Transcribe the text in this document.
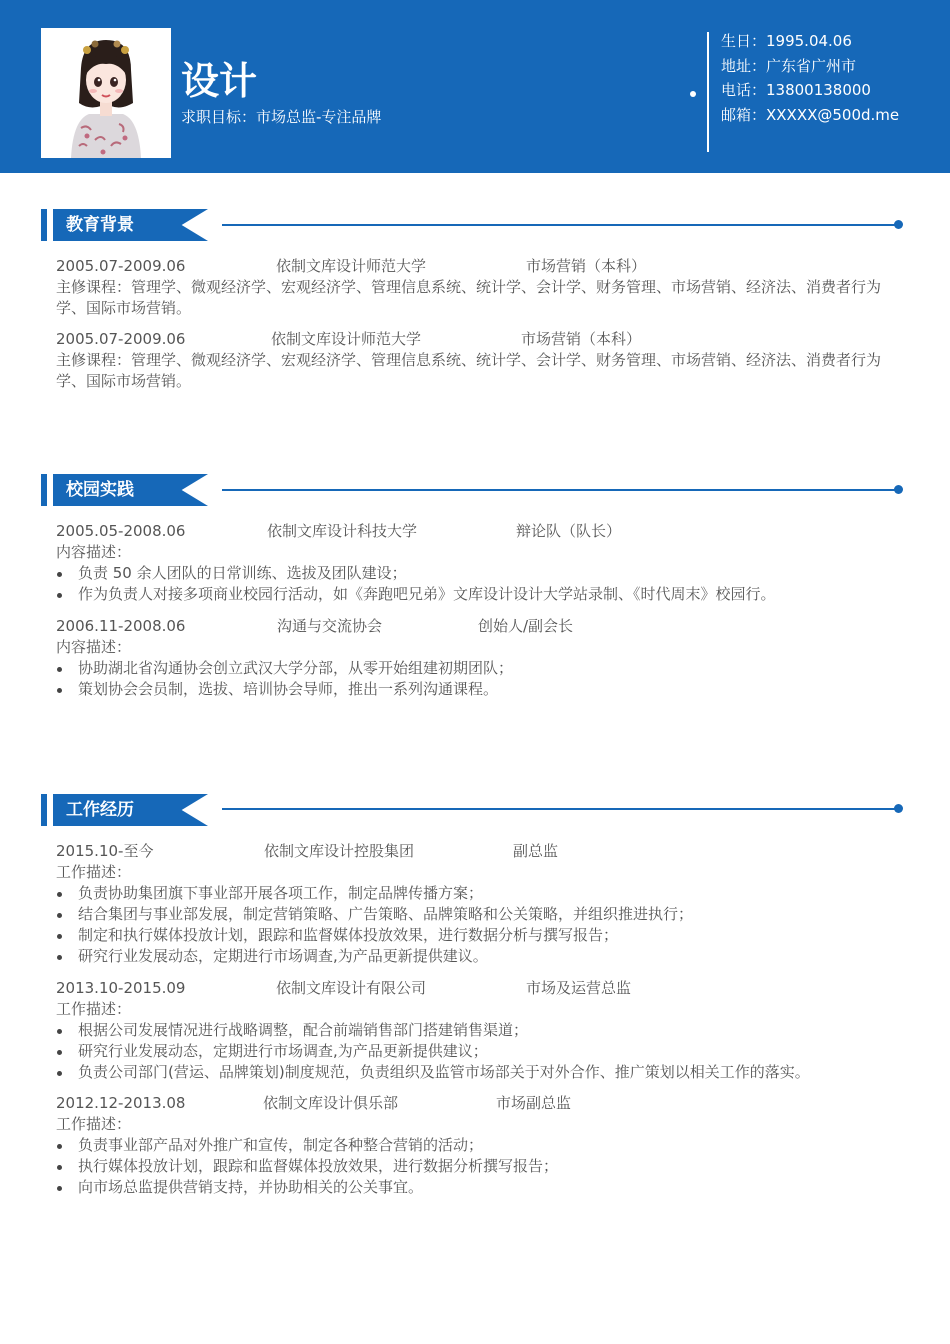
设计
求职目标：市场总监-专注品牌
生日：1995.04.06
地址：广东省广州市
电话：13800138000
邮箱：XXXXX@500d.me
教育背景
2005.07-2009.06	依制文库设计师范大学	市场营销（本科）
主修课程：管理学、微观经济学、宏观经济学、管理信息系统、统计学、会计学、财务管理、市场营销、经济法、消费者行为学、国际市场营销。
2005.07-2009.06	依制文库设计师范大学	市场营销（本科）
主修课程：管理学、微观经济学、宏观经济学、管理信息系统、统计学、会计学、财务管理、市场营销、经济法、消费者行为学、国际市场营销。
校园实践
2005.05-2008.06	依制文库设计科技大学	辩论队（队长）
内容描述：
负责 50 余人团队的日常训练、选拔及团队建设；
作为负责人对接多项商业校园行活动，如《奔跑吧兄弟》文库设计设计大学站录制、《时代周末》校园行。
2006.11-2008.06	沟通与交流协会	创始人/副会长
内容描述：
协助湖北省沟通协会创立武汉大学分部，从零开始组建初期团队；
策划协会会员制，选拔、培训协会导师，推出一系列沟通课程。
工作经历
2015.10-至今	依制文库设计控股集团	副总监
工作描述：
负责协助集团旗下事业部开展各项工作，制定品牌传播方案；
结合集团与事业部发展，制定营销策略、广告策略、品牌策略和公关策略，并组织推进执行；
制定和执行媒体投放计划，跟踪和监督媒体投放效果，进行数据分析与撰写报告；
研究行业发展动态，定期进行市场调查,为产品更新提供建议。
2013.10-2015.09	依制文库设计有限公司	市场及运营总监
工作描述：
根据公司发展情况进行战略调整，配合前端销售部门搭建销售渠道；
研究行业发展动态，定期进行市场调查,为产品更新提供建议；
负责公司部门(营运、品牌策划)制度规范，负责组织及监管市场部关于对外合作、推广策划以相关工作的落实。
2012.12-2013.08	依制文库设计俱乐部	市场副总监
工作描述：
负责事业部产品对外推广和宣传，制定各种整合营销的活动；
执行媒体投放计划，跟踪和监督媒体投放效果，进行数据分析撰写报告；
向市场总监提供营销支持，并协助相关的公关事宜。
